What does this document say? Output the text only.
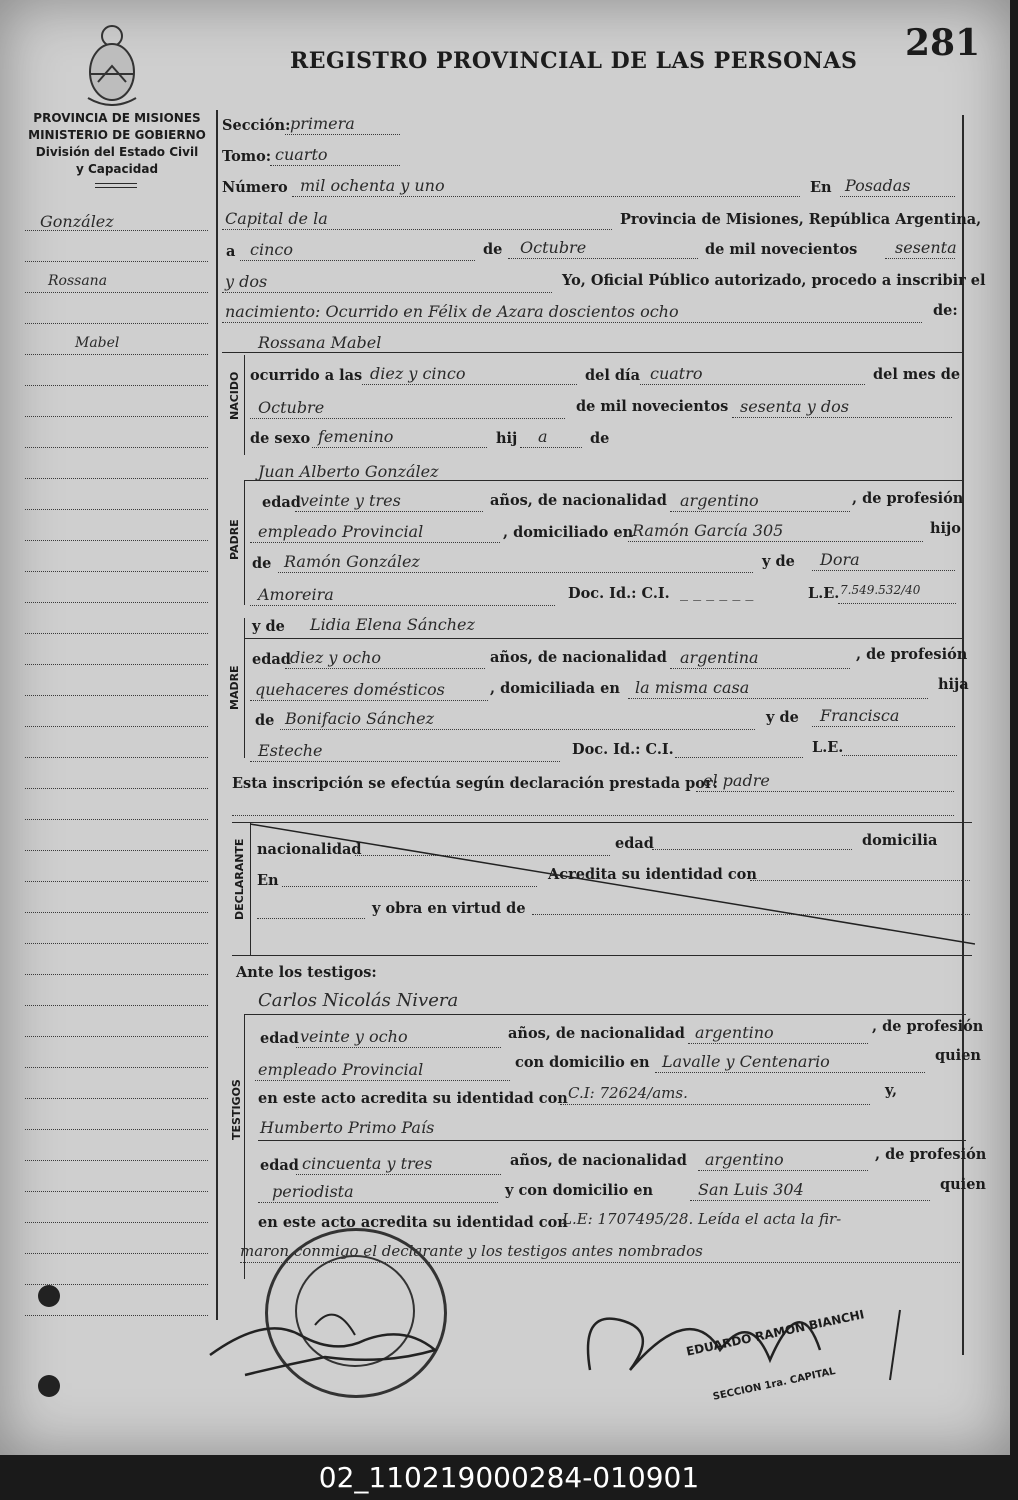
REGISTRO PROVINCIAL DE LAS PERSONAS 281
PROVINCIA DE MISIONES
MINISTERIO DE GOBIERNO
División del Estado Civil
y Capacidad
González
Rossana
Mabel
Sección: primera
Tomo: cuarto
Número mil ochenta y uno	En Posadas
Capital de la	Provincia de Misiones, República Argentina,
a cinco	de Octubre	de mil novecientos sesenta
y dos	Yo, Oficial Público autorizado, procedo a inscribir el
nacimiento: Ocurrido en Félix de Azara doscientos ocho	de:
NACIDO
Rossana Mabel
ocurrido a las diez y cinco	del día cuatro	del mes de
Octubre	de mil novecientos sesenta y dos
de sexo femenino	hij a	de
PADRE
Juan Alberto González
edad veinte y tres	años, de nacionalidad argentino	, de profesión
empleado Provincial	, domiciliado en
Ramón García 305	hijo
de Ramón González	y de Dora
Amoreira	Doc. Id.: C.I. _ _ _ _ _ _	L.E. 7.549.532/40
MADRE
y de Lidia Elena Sánchez
edad diez y ocho	años, de nacionalidad argentina	, de profesión
quehaceres domésticos	, domiciliada en la misma casa	hija
de Bonifacio Sánchez	y de Francisca
Esteche	Doc. Id.: C.I.	L.E.
Esta inscripción se efectúa según declaración prestada por:
el padre
DECLARANTE nacionalidad	edad	domicilia
En	Acredita su identidad con
y obra en virtud de
Ante los testigos:
Carlos Nicolás Nivera
TESTIGOS
edad veinte y ocho	años, de nacionalidad argentino	, de profesión
empleado Provincial	con domicilio en Lavalle y Centenario	quien
en este acto acredita su identidad con C.I: 72624/ams.	y,
Humberto Primo País
edad cincuenta y tres	años, de nacionalidad argentino	, de profesión
periodista	y con domicilio en	San Luis 304	quien
en este acto acredita su identidad con
L.E: 1707495/28. Leída el acta la fir-
maron conmigo el declarante y los testigos antes nombrados
EDUARDO RAMON BIANCHI
SECCION 1ra. CAPITAL
02_110219000284-010901
